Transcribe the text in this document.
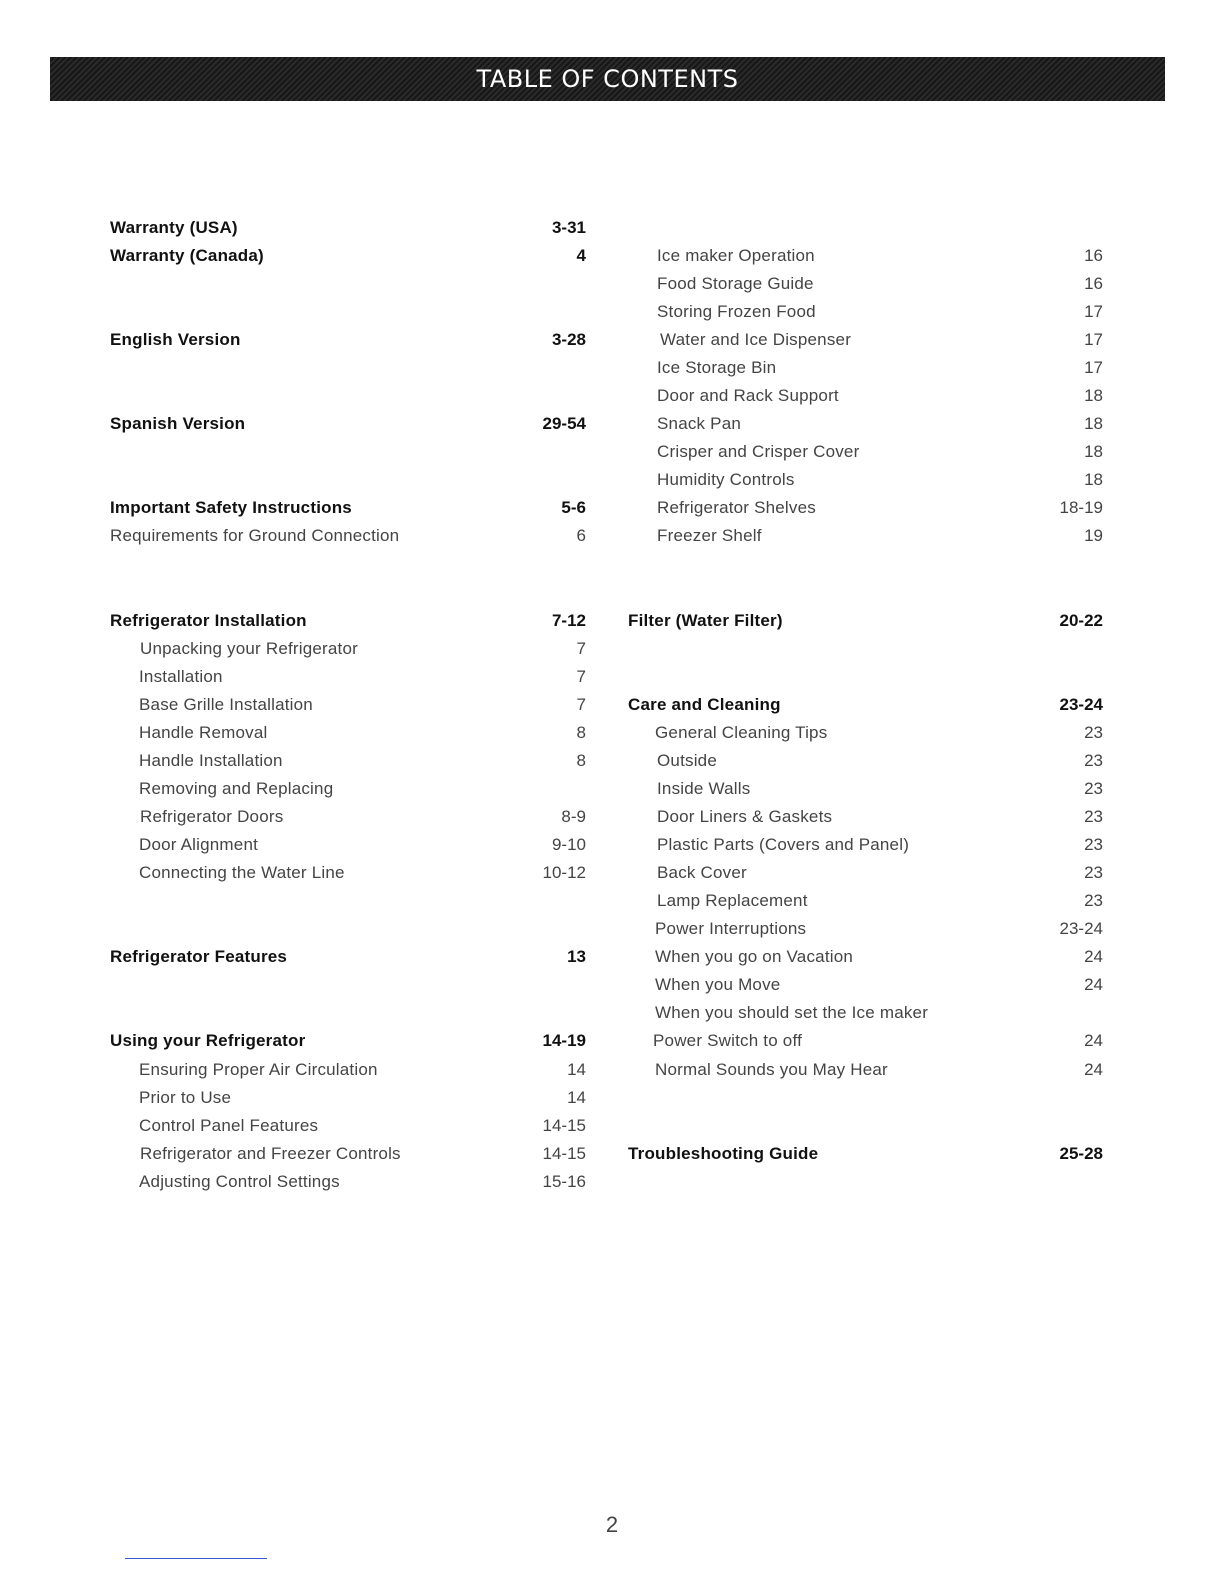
TABLE OF CONTENTS
Warranty (USA)	3-31
Warranty (Canada)	4
English Version	3-28
Spanish Version	29-54
Important Safety Instructions	5-6
Requirements for Ground Connection	6
Refrigerator Installation	7-12
Unpacking your Refrigerator	7
Installation	7
Base Grille Installation	7
Handle Removal	8
Handle Installation	8
Removing and Replacing
Refrigerator Doors	8-9
Door Alignment	9-10
Connecting the Water Line	10-12
Refrigerator Features	13
Using your Refrigerator	14-19
Ensuring Proper Air Circulation	14
Prior to Use	14
Control Panel Features	14-15
Refrigerator and Freezer Controls	14-15
Adjusting Control Settings	15-16
Ice maker Operation	16
Food Storage Guide	16
Storing Frozen Food	17
Water and Ice Dispenser	17
Ice Storage Bin	17
Door and Rack Support	18
Snack Pan	18
Crisper and Crisper Cover	18
Humidity Controls	18
Refrigerator Shelves	18-19
Freezer Shelf	19
Filter (Water Filter)	20-22
Care and Cleaning	23-24
General Cleaning Tips	23
Outside	23
Inside Walls	23
Door Liners & Gaskets	23
Plastic Parts (Covers and Panel)	23
Back Cover	23
Lamp Replacement	23
Power Interruptions	23-24
When you go on Vacation	24
When you Move	24
When you should set the Ice maker
Power Switch to off	24
Normal Sounds you May Hear	24
Troubleshooting Guide	25-28
2
